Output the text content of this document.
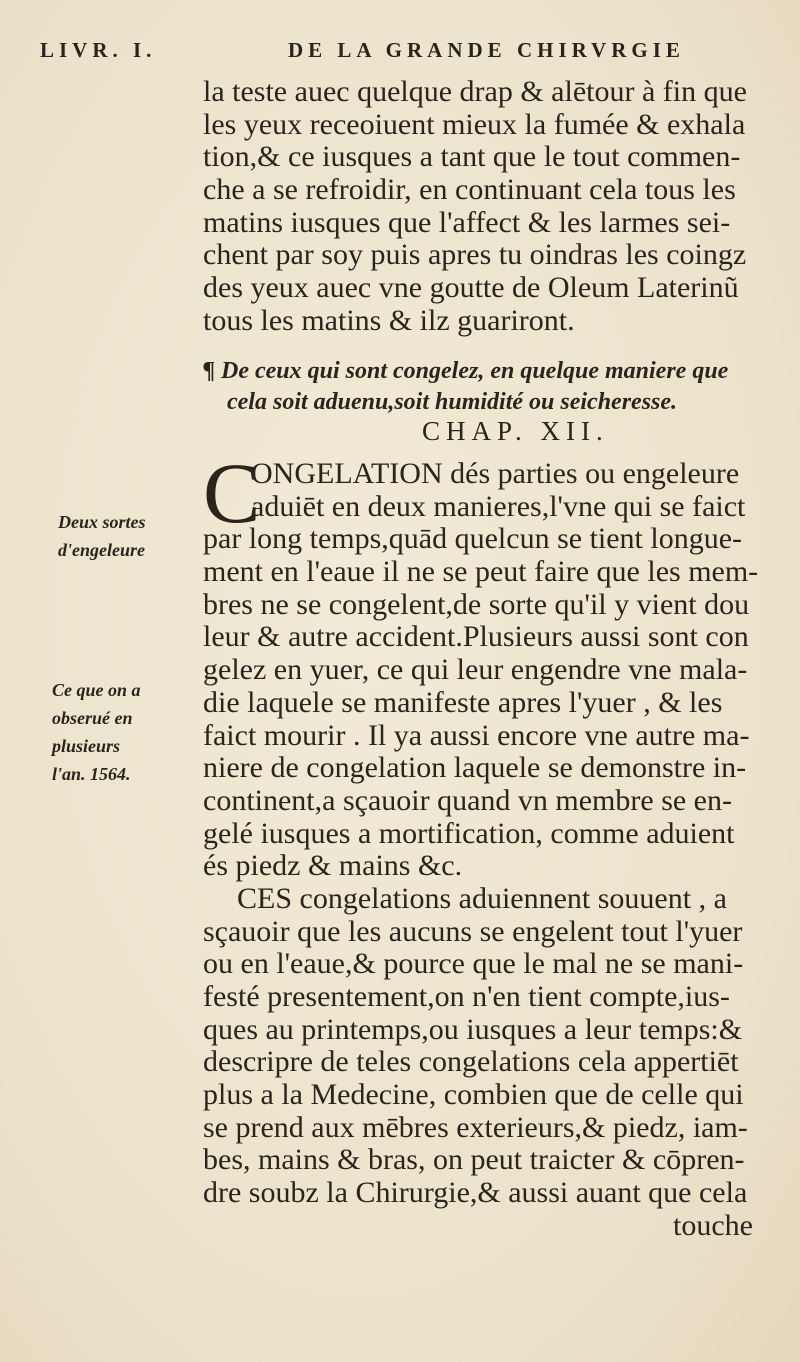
LIVR. I.	DE LA GRANDE CHIRVRGIE
la teste auec quelque drap & alētour à fin que
les yeux receoiuent mieux la fumée & exhala
tion,& ce iusques a tant que le tout commen-
che a se refroidir, en continuant cela tous les
matins iusques que l'affect & les larmes sei-
chent par soy puis apres tu oindras les coingz
des yeux auec vne goutte de Oleum Laterinũ
tous les matins & ilz guariront.
¶ De ceux qui sont congelez, en quelque maniere que
cela soit aduenu,soit humidité ou seicheresse.
CHAP. XII.
C
ONGELATION dés parties ou engeleure
aduiēt en deux manieres,l'vne qui se faict
par long temps,quād quelcun se tient longue-
ment en l'eaue il ne se peut faire que les mem-
bres ne se congelent,de sorte qu'il y vient dou
leur & autre accident.Plusieurs aussi sont con
gelez en yuer, ce qui leur engendre vne mala-
die laquele se manifeste apres l'yuer , & les
faict mourir . Il ya aussi encore vne autre ma-
niere de congelation laquele se demonstre in-
continent,a sçauoir quand vn membre se en-
gelé iusques a mortification, comme aduient
és piedz & mains &c.
CES congelations aduiennent souuent , a
sçauoir que les aucuns se engelent tout l'yuer
ou en l'eaue,& pource que le mal ne se mani-
festé presentement,on n'en tient compte,ius-
ques au printemps,ou iusques a leur temps:&
descripre de teles congelations cela appertiēt
plus a la Medecine, combien que de celle qui
se prend aux mēbres exterieurs,& piedz, iam-
bes, mains & bras, on peut traicter & cōpren-
dre soubz la Chirurgie,& aussi auant que cela
touche
Deux sortes
d'engeleure
Ce que on a
obserué en
plusieurs
l'an. 1564.
